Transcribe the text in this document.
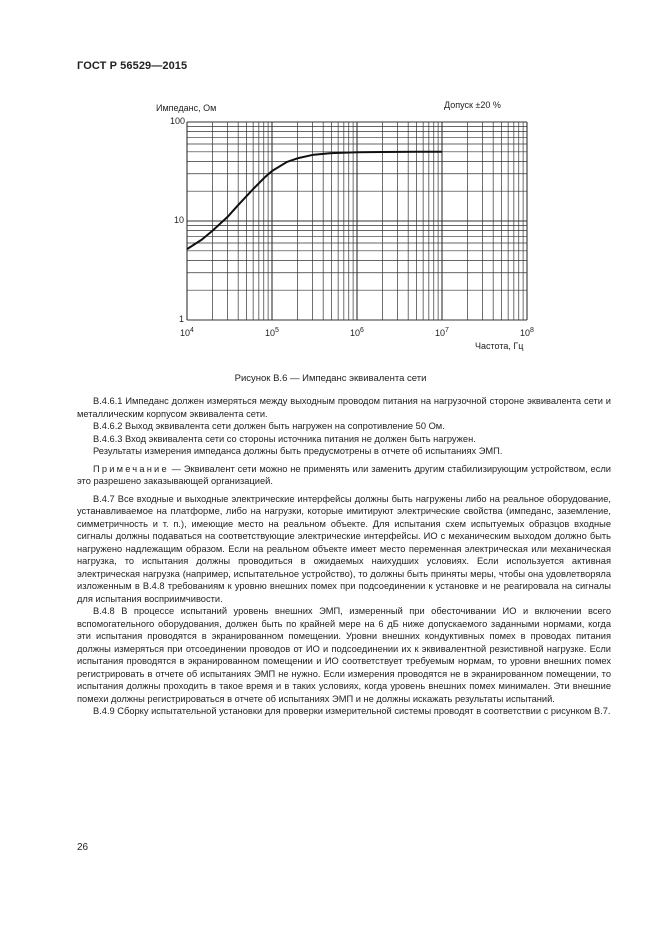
ГОСТ Р 56529—2015
Импеданс, Ом	Допуск ±20 %
100
10
1
$10^4$	$10^5$	$10^6$	$10^7$	$10^8$
Частота, Гц
Рисунок В.6 — Импеданс эквивалента сети

В.4.6.1 Импеданс должен измеряться между выходным проводом питания на нагрузочной стороне эквивалента сети и металлическим корпусом эквивалента сети.

В.4.6.2 Выход эквивалента сети должен быть нагружен на сопротивление 50 Ом.

В.4.6.3 Вход эквивалента сети со стороны источника питания не должен быть нагружен.

Результаты измерения импеданса должны быть предусмотрены в отчете об испытаниях ЭМП.

Примечание — Эквивалент сети можно не применять или заменить другим стабилизирующим устройством, если это разрешено заказывающей организацией.

В.4.7 Все входные и выходные электрические интерфейсы должны быть нагружены либо на реальное оборудование, устанавливаемое на платформе, либо на нагрузки, которые имитируют электрические свойства (импеданс, заземление, симметричность и т. п.), имеющие место на реальном объекте. Для испытания схем испытуемых образцов входные сигналы должны подаваться на соответствующие электрические интерфейсы. ИО с механическим выходом должно быть нагружено надлежащим образом. Если на реальном объекте имеет место переменная электрическая или механическая нагрузка, то испытания должны проводиться в ожидаемых наихудших условиях. Если используется активная электрическая нагрузка (например, испытательное устройство), то должны быть приняты меры, чтобы она удовлетворяла изложенным в В.4.8 требованиям к уровню внешних помех при подсоединении к установке и не реагировала на сигналы для испытания восприимчивости.

В.4.8 В процессе испытаний уровень внешних ЭМП, измеренный при обесточивании ИО и включении всего вспомогательного оборудования, должен быть по крайней мере на 6 дБ ниже допускаемого заданными нормами, когда эти испытания проводятся в экранированном помещении. Уровни внешних кондуктивных помех в проводах питания должны измеряться при отсоединении проводов от ИО и подсоединении их к эквивалентной резистивной нагрузке. Если испытания проводятся в экранированном помещении и ИО соответствует требуемым нормам, то уровни внешних помех регистрировать в отчете об испытаниях ЭМП не нужно. Если измерения проводятся не в экранированном помещении, то испытания должны проходить в такое время и в таких условиях, когда уровень внешних помех минимален. Эти внешние помехи должны регистрироваться в отчете об испытаниях ЭМП и не должны искажать результаты испытаний.

В.4.9 Сборку испытательной установки для проверки измерительной системы проводят в соответствии с рисунком В.7.

26
